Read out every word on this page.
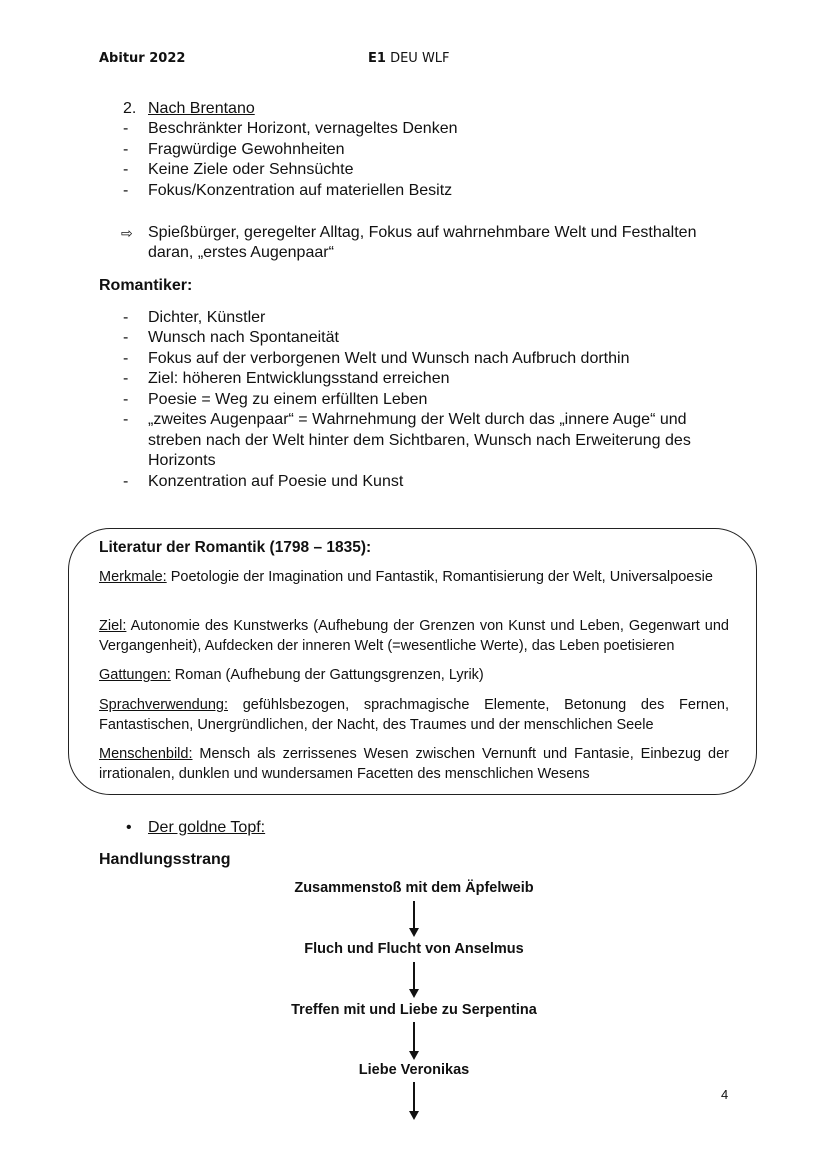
Abitur 2022	E1 DEU WLF
2. Nach Brentano
- Beschränkter Horizont, vernageltes Denken
- Fragwürdige Gewohnheiten
- Keine Ziele oder Sehnsüchte
- Fokus/Konzentration auf materiellen Besitz
⇨ Spießbürger, geregelter Alltag, Fokus auf wahrnehmbare Welt und Festhalten
daran, „erstes Augenpaar“
Romantiker:
- Dichter, Künstler
- Wunsch nach Spontaneität
- Fokus auf der verborgenen Welt und Wunsch nach Aufbruch dorthin
- Ziel: höheren Entwicklungsstand erreichen
- Poesie = Weg zu einem erfüllten Leben
- „zweites Augenpaar“ = Wahrnehmung der Welt durch das „innere Auge“ und
streben nach der Welt hinter dem Sichtbaren, Wunsch nach Erweiterung des
Horizonts
- Konzentration auf Poesie und Kunst
Literatur der Romantik (1798 – 1835):
Merkmale: Poetologie der Imagination und Fantastik, Romantisierung der Welt, Universalpoesie
Ziel: Autonomie des Kunstwerks (Aufhebung der Grenzen von Kunst und Leben, Gegenwart und Vergangenheit), Aufdecken der inneren Welt (=wesentliche Werte), das Leben poetisieren
Gattungen: Roman (Aufhebung der Gattungsgrenzen, Lyrik)
Sprachverwendung: gefühlsbezogen, sprachmagische Elemente, Betonung des Fernen, Fantastischen, Unergründlichen, der Nacht, des Traumes und der menschlichen Seele
Menschenbild: Mensch als zerrissenes Wesen zwischen Vernunft und Fantasie, Einbezug der irrationalen, dunklen und wundersamen Facetten des menschlichen Wesens
• Der goldne Topf:
Handlungsstrang
Zusammenstoß mit dem Äpfelweib
Fluch und Flucht von Anselmus
Treffen mit und Liebe zu Serpentina
Liebe Veronikas
4
